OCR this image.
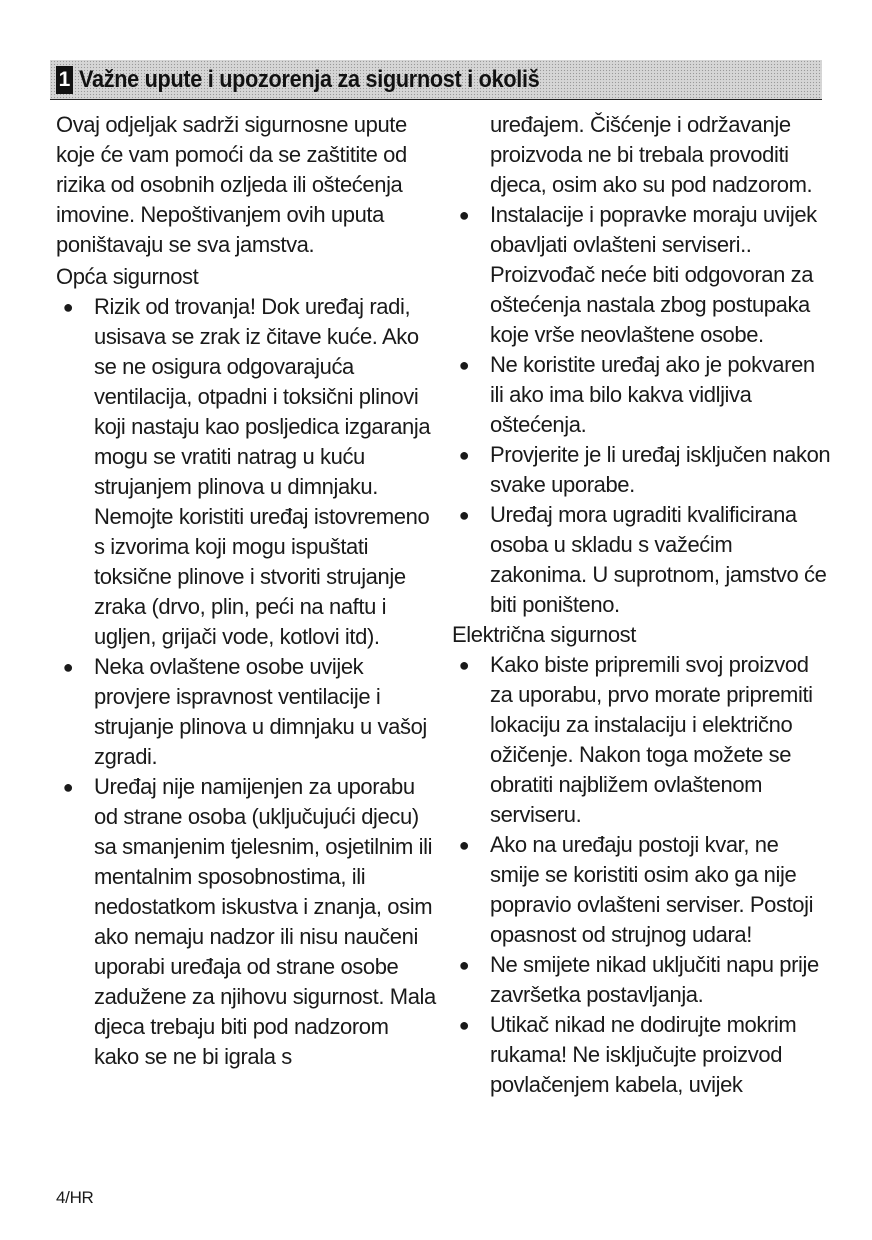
1 Važne upute i upozorenja za sigurnost i okoliš

Ovaj odjeljak sadrži sigurnosne upute koje će vam pomoći da se zaštitite od rizika od osobnih ozljeda ili oštećenja imovine. Nepoštivanjem ovih uputa poništavaju se sva jamstva.

Opća sigurnost

● Rizik od trovanja! Dok uređaj radi, usisava se zrak iz čitave kuće. Ako se ne osigura odgovarajuća ventilacija, otpadni i toksični plinovi koji nastaju kao posljedica izgaranja mogu se vratiti natrag u kuću strujanjem plinova u dimnjaku. Nemojte koristiti uređaj istovremeno s izvorima koji mogu ispuštati toksične plinove i stvoriti strujanje zraka (drvo, plin, peći na naftu i ugljen, grijači vode, kotlovi itd).
● Neka ovlaštene osobe uvijek provjere ispravnost ventilacije i strujanje plinova u dimnjaku u vašoj zgradi.
● Uređaj nije namijenjen za uporabu od strane osoba (uključujući djecu) sa smanjenim tjelesnim, osjetilnim ili mentalnim sposobnostima, ili nedostatkom iskustva i znanja, osim ako nemaju nadzor ili nisu naučeni uporabi uređaja od strane osobe zadužene za njihovu sigurnost. Mala djeca trebaju biti pod nadzorom kako se ne bi igrala s

uređajem. Čišćenje i održavanje proizvoda ne bi trebala provoditi djeca, osim ako su pod nadzorom.

● Instalacije i popravke moraju uvijek obavljati ovlašteni serviseri.. Proizvođač neće biti odgovoran za oštećenja nastala zbog postupaka koje vrše neovlaštene osobe.
● Ne koristite uređaj ako je pokvaren ili ako ima bilo kakva vidljiva oštećenja.
● Provjerite je li uređaj isključen nakon svake uporabe.
● Uređaj mora ugraditi kvalificirana osoba u skladu s važećim zakonima. U suprotnom, jamstvo će biti poništeno.

Električna sigurnost

● Kako biste pripremili svoj proizvod za uporabu, prvo morate pripremiti lokaciju za instalaciju i električno ožičenje. Nakon toga možete se obratiti najbližem ovlaštenom serviseru.
● Ako na uređaju postoji kvar, ne smije se koristiti osim ako ga nije popravio ovlašteni serviser. Postoji opasnost od strujnog udara!
● Ne smijete nikad uključiti napu prije završetka postavljanja.
● Utikač nikad ne dodirujte mokrim rukama! Ne isključujte proizvod povlačenjem kabela, uvijek
4/HR
